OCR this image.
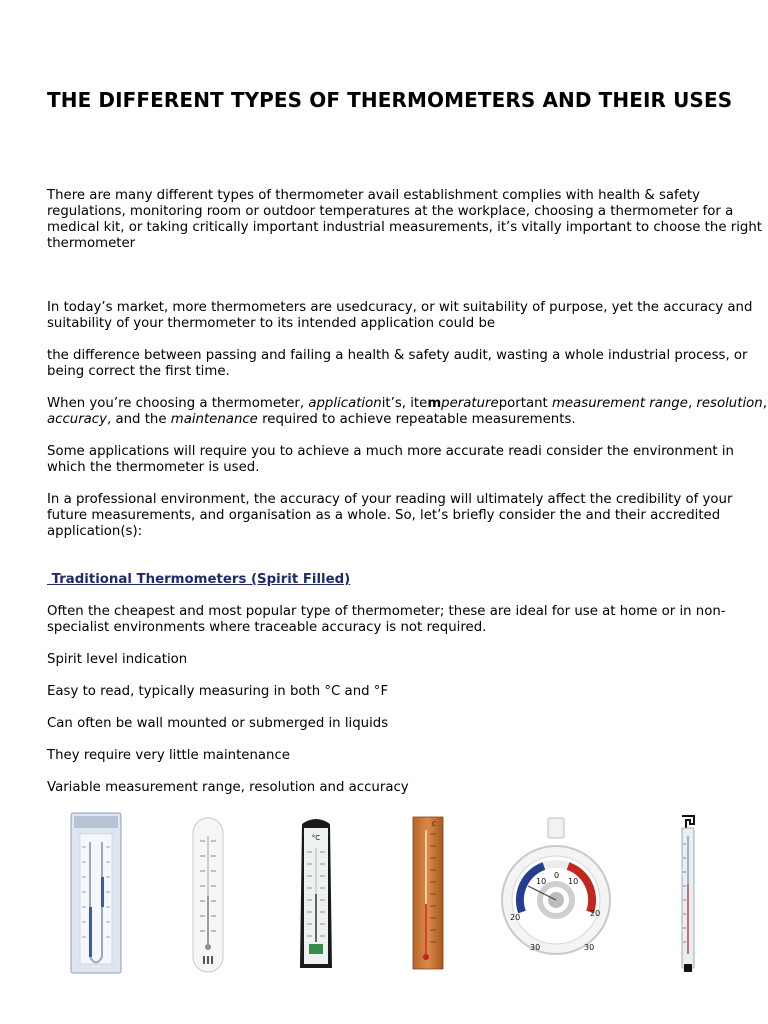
THE DIFFERENT TYPES OF THERMOMETERS AND THEIR USES

There are many different types of thermometer avail establishment complies with health & safety regulations, monitoring room or outdoor temperatures at the workplace, choosing a thermometer for a medical kit, or taking critically important industrial measurements, it’s vitally important to choose the right thermometer

In today’s market, more thermometers are usedcuracy, or wit suitability of purpose, yet the accuracy and suitability of your thermometer to its intended application could be

the difference between passing and failing a health & safety audit, wasting a whole industrial process, or being correct the first time.

When you’re choosing a thermometer, applicationit’s, itemperatureportant measurement range, resolution, accuracy, and the maintenance required to achieve repeatable measurements.

Some applications will require you to achieve a much more accurate readi consider the environment in which the thermometer is used.

In a professional environment, the accuracy of your reading will ultimately affect the credibility of your future measurements, and organisation as a whole. So, let’s briefly consider the and their accredited application(s):

Traditional Thermometers (Spirit Filled)

Often the cheapest and most popular type of thermometer; these are ideal for use at home or in non-specialist environments where traceable accuracy is not required.

Spirit level indication
Easy to read, typically measuring in both °C and °F
Can often be wall mounted or submerged in liquids
They require very little maintenance
Variable measurement range, resolution and accuracy
°C
C
10
0
10
20
30
20
30
